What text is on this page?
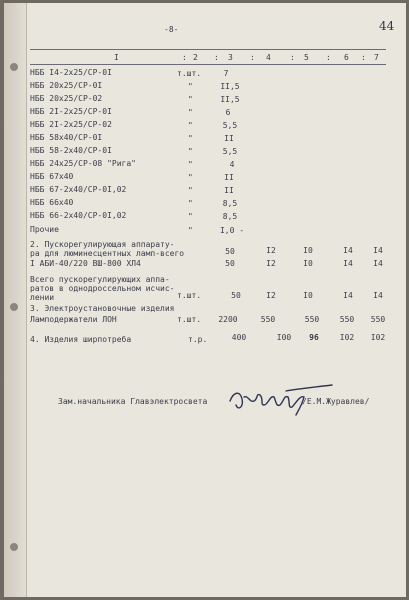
-8-	44
I	: 2 : 3 : 4 : 5 : 6 : 7
НББ I4-2х25/СР-0I	т.шт.	7
НББ 20х25/СР-0I	"	II,5
НББ 20х25/СР-02	"	II,5
НББ 2I-2х25/СР-0I	"	6
НББ 2I-2х25/СР-02	"	5,5
НББ 58х40/СР-0I	"	II
НББ 58-2х40/СР-0I	"	5,5
НББ 24х25/СР-08 "Рига"	"	4
НББ 67х40	"	II
НББ 67-2х40/СР-0I,02	"	II
НББ 66х40	"	8,5
НББ 66-2х40/СР-0I,02	"	8,5
Прочие	"	I,0 -
2. Пускорегулирующая аппарату-
ра для люминесцентных ламп-всего	50	I2	I0	I4	I4
I АБИ-40/220 ВШ-800 ХЛ4	50	I2	I0	I4	I4
Всего пускорегулирующих аппа-
ратов в однодроссельном исчис-
лении	т.шт.	50	I2	I0	I4	I4
3. Электроустановочные изделия
Ламподержатели ЛОН	т.шт.	2200	550	550	550	550
4. Изделия ширпотреба	т.р.	400	I00	96	I02	I02
Зам.начальника Главэлектросвета	/Е.М.Журавлев/
